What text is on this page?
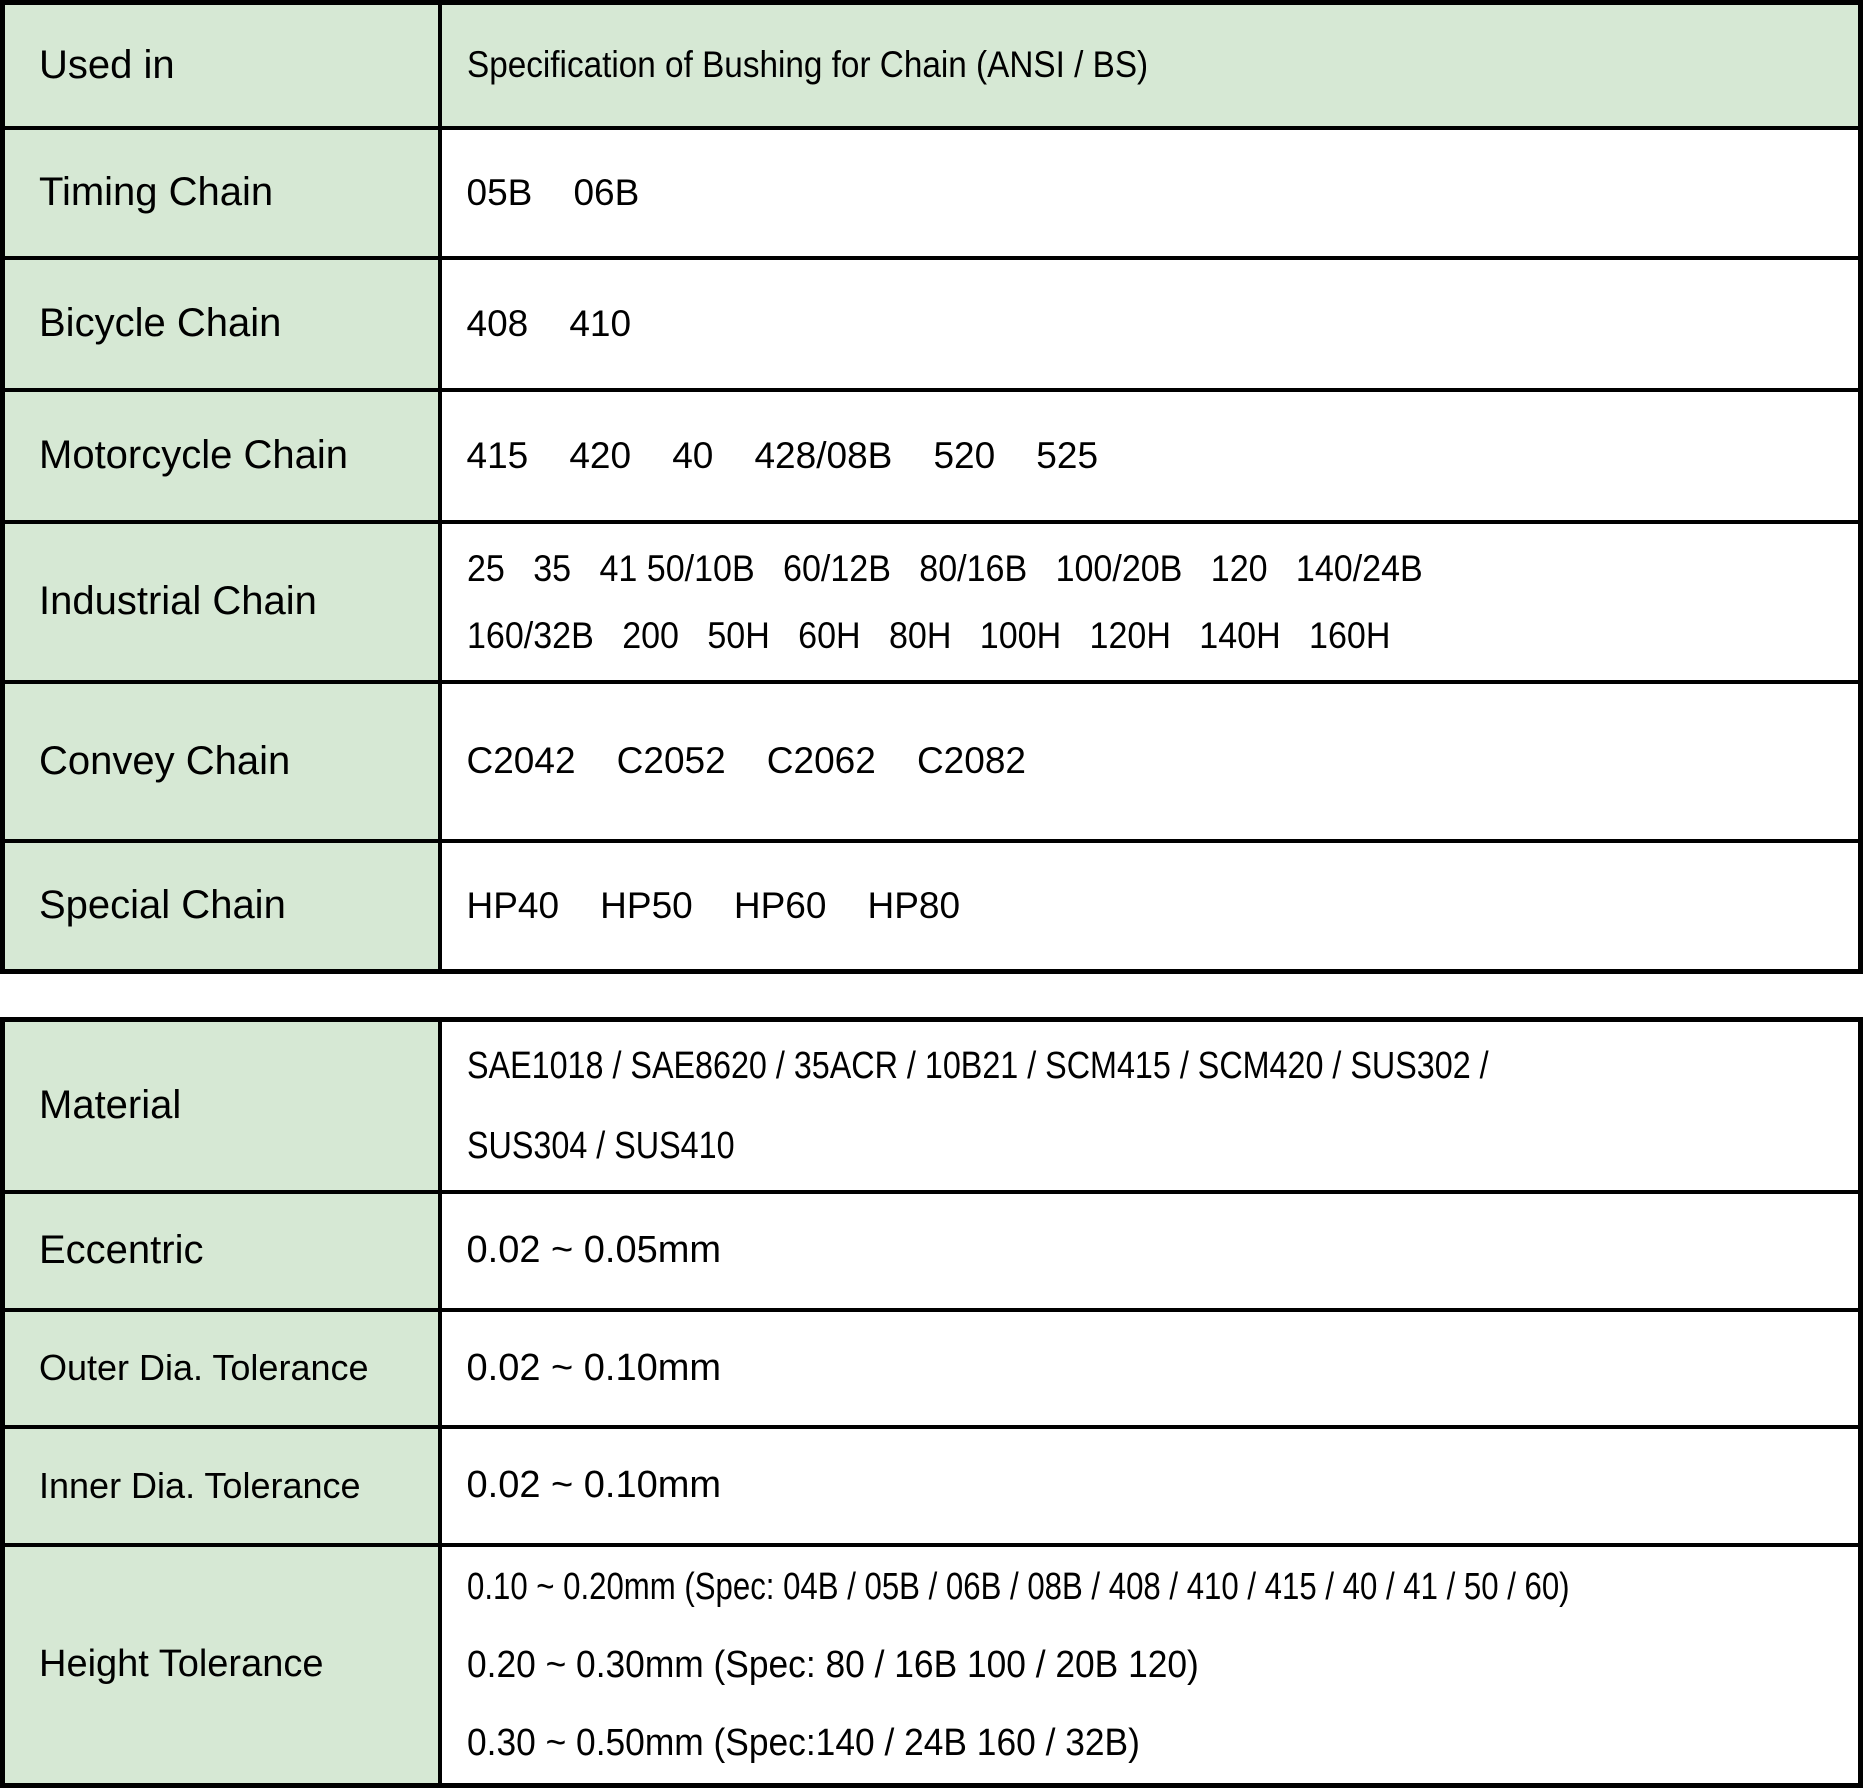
Used in	Specification of Bushing for Chain (ANSI / BS)

Timing Chain	05B    06B

Bicycle Chain	408    410

Motorcycle Chain	415    420    40    428/08B    520    525

Industrial Chain	25   35   41 50/10B   60/12B   80/16B   100/20B   120   140/24B
160/32B   200   50H   60H   80H   100H   120H   140H   160H

Convey Chain	C2042    C2052    C2062    C2082

Special Chain	HP40    HP50    HP60    HP80
Material	SAE1018 / SAE8620 / 35ACR / 10B21 / SCM415 / SCM420 / SUS302 /
SUS304 / SUS410

Eccentric	0.02 ~ 0.05mm

Outer Dia. Tolerance	0.02 ~ 0.10mm

Inner Dia. Tolerance	0.02 ~ 0.10mm

Height Tolerance	0.10 ~ 0.20mm (Spec: 04B / 05B / 06B / 08B / 408 / 410 / 415 / 40 / 41 / 50 / 60)
0.20 ~ 0.30mm (Spec: 80 / 16B 100 / 20B 120)
0.30 ~ 0.50mm (Spec:140 / 24B 160 / 32B)
